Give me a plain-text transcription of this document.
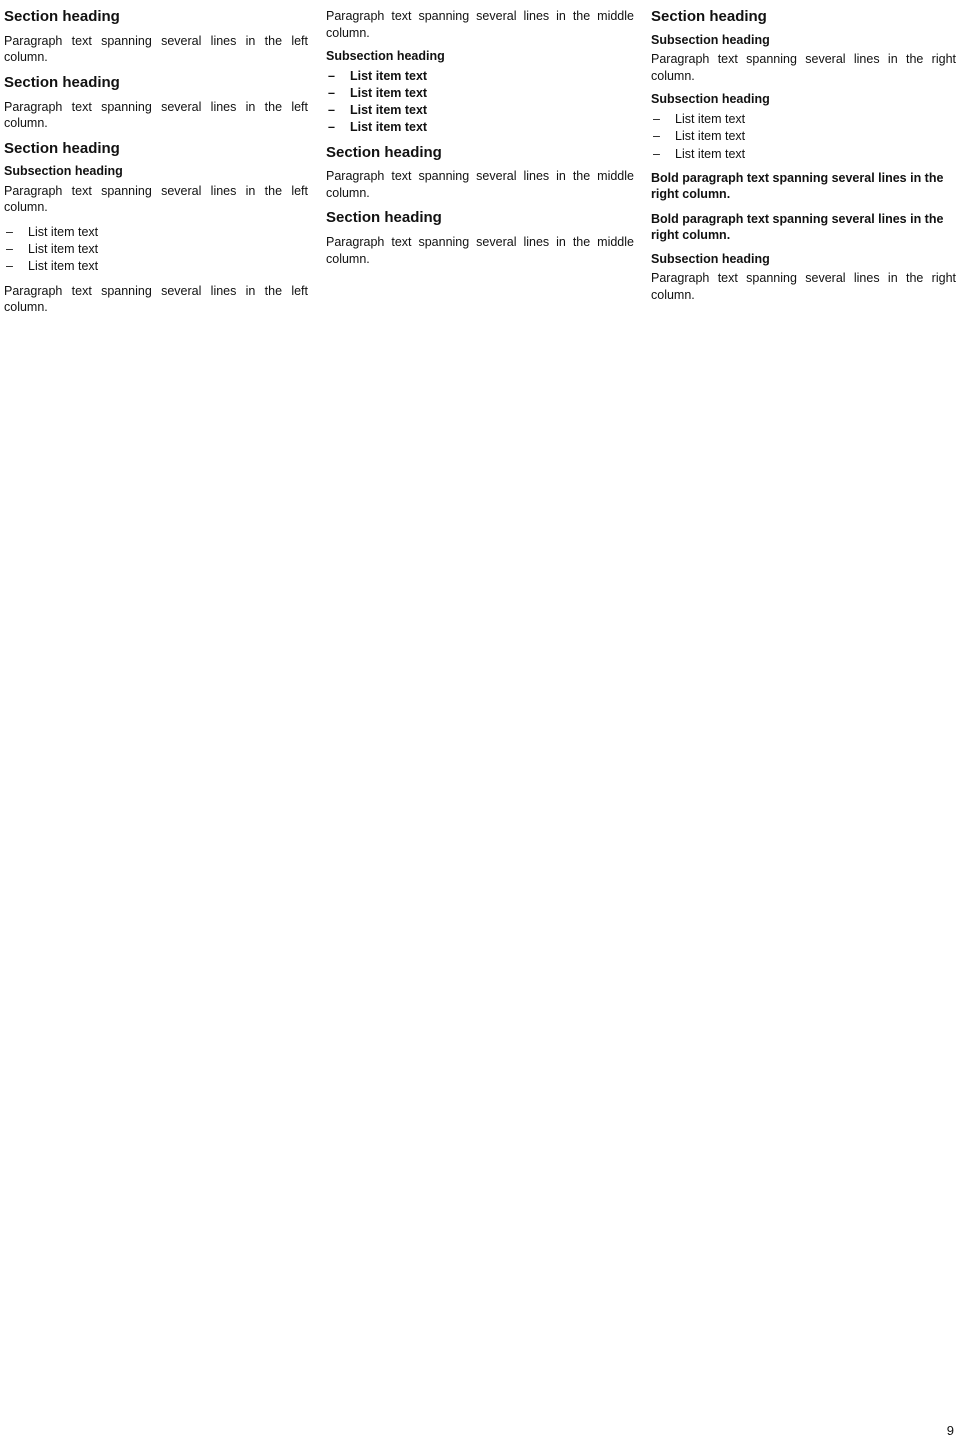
Section heading
Paragraph text spanning several lines in the left column.
Section heading
Paragraph text spanning several lines in the left column.
Section heading
Subsection heading
Paragraph text spanning several lines in the left column.
– List item text
– List item text
– List item text
Paragraph text spanning several lines in the left column.
Paragraph text spanning several lines in the middle column.
Subsection heading
– List item text
– List item text
– List item text
– List item text
Section heading
Paragraph text spanning several lines in the middle column.
Section heading
Paragraph text spanning several lines in the middle column.
Section heading
Subsection heading
Paragraph text spanning several lines in the right column.
Subsection heading
– List item text
– List item text
– List item text
Bold paragraph text spanning several lines in the right column.
Bold paragraph text spanning several lines in the right column.
Subsection heading
Paragraph text spanning several lines in the right column.
9
